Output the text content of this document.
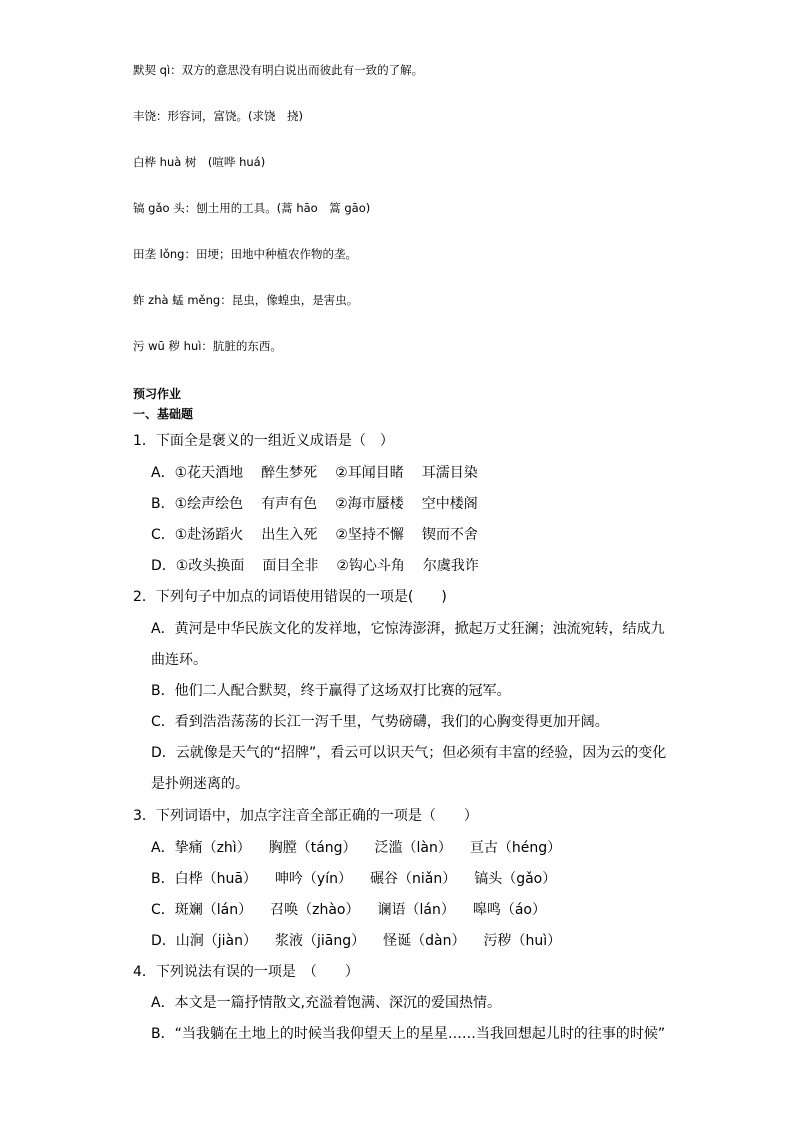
默契 qì：双方的意思没有明白说出而彼此有一致的了解。
丰饶：形容词，富饶。(求饶　挠)
白桦 huà 树　(喧哗 huá)
镐 gǎo 头：刨土用的工具。(蒿 hāo　篙 gāo)
田垄 lǒng：田埂；田地中种植农作物的垄。
蚱 zhà 蜢 měng：昆虫，像蝗虫，是害虫。
污 wū 秽 huì：肮脏的东西。
预习作业
一、基础题
1．下面全是褒义的一组近义成语是（　）
A．①花天酒地 醉生梦死 ②耳闻目睹 耳濡目染
B．①绘声绘色 有声有色 ②海市蜃楼 空中楼阁
C．①赴汤蹈火 出生入死 ②坚持不懈 锲而不舍
D．①改头换面 面目全非 ②钩心斗角 尔虞我诈
2．下列句子中加点的词语使用错误的一项是(　　)
A．黄河是中华民族文化的发祥地，它惊涛澎湃，掀起万丈狂澜；浊流宛转，结成九
曲连环。
B．他们二人配合默契，终于赢得了这场双打比赛的冠军。
C．看到浩浩荡荡的长江一泻千里，气势磅礴，我们的心胸变得更加开阔。
D．云就像是天气的“招牌”，看云可以识天气；但必须有丰富的经验，因为云的变化
是扑朔迷离的。
3．下列词语中，加点字注音全部正确的一项是（　　）
A．挚痛（zhì） 胸膛（táng） 泛滥（làn） 亘古（héng）
B．白桦（huā） 呻吟（yín） 碾谷（niǎn） 镐头（gǎo）
C．斑斓（lán） 召唤（zhào） 谰语（lán） 嗥鸣（áo）
D．山涧（jiàn） 浆液（jiāng） 怪诞（dàn） 污秽（huì）
4．下列说法有误的一项是　（　　）
A．本文是一篇抒情散文,充溢着饱满、深沉的爱国热情。
B．“当我躺在土地上的时候当我仰望天上的星星……当我回想起儿时的往事的时候”
